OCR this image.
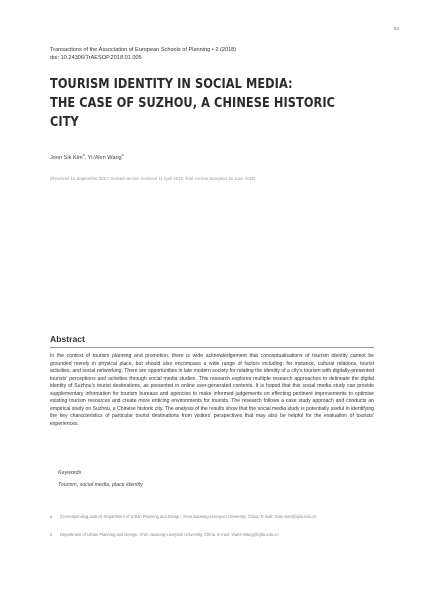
63
Transactions of the Association of European Schools of Planning • 2 (2018)
doi: 10.24306/TrAESOP.2018.01.005
TOURISM IDENTITY IN SOCIAL MEDIA:
THE CASE OF SUZHOU, A CHINESE HISTORIC
CITY
Joon Sik Kim$^a$, Yi-Wen Wang$^b$
(Received 15 September 2017; revised version received 11 April 2018; final version accepted 28 June 2018)
Abstract
In the context of tourism planning and promotion, there is wide acknowledgement that conceptualisations of tourism identity cannot be grounded merely in physical place, but should also encompass a wide range of factors including, for instance, cultural relations, tourist activities, and social networking. There are opportunities in late modern society for relating the identity of a city’s tourism with digitally-presented tourists’ perceptions and activities through social media studies. This research explores multiple research approaches to delineate the digital identity of Suzhou’s tourist destinations, as presented in online user-generated contents. It is hoped that this social media study can provide supplementary information for tourism bureaus and agencies to make informed judgements on effecting pertinent improvements to optimise existing tourism resources and create more enticing environments for tourists. The research follows a case study approach and conducts an empirical study on Suzhou, a Chinese historic city. The analysis of the results show that the social media study is potentially useful in identifying the key characteristics of particular tourist destinations from visitors’ perspectives that may also be helpful for the evaluation of tourists’ experiences.
Keywords
Tourism, social media, place identity
a. (Corresponding author) Department of Urban Planning and Design, Xi’an Jiaotong-Liverpool University, China. E-mail: Joon.Kim@xjtlu.edu.cn
b. Department of Urban Planning and Design, Xi’an Jiaotong-Liverpool University, China. E-mail: Yiwen.Wang@xjtlu.edu.cn
